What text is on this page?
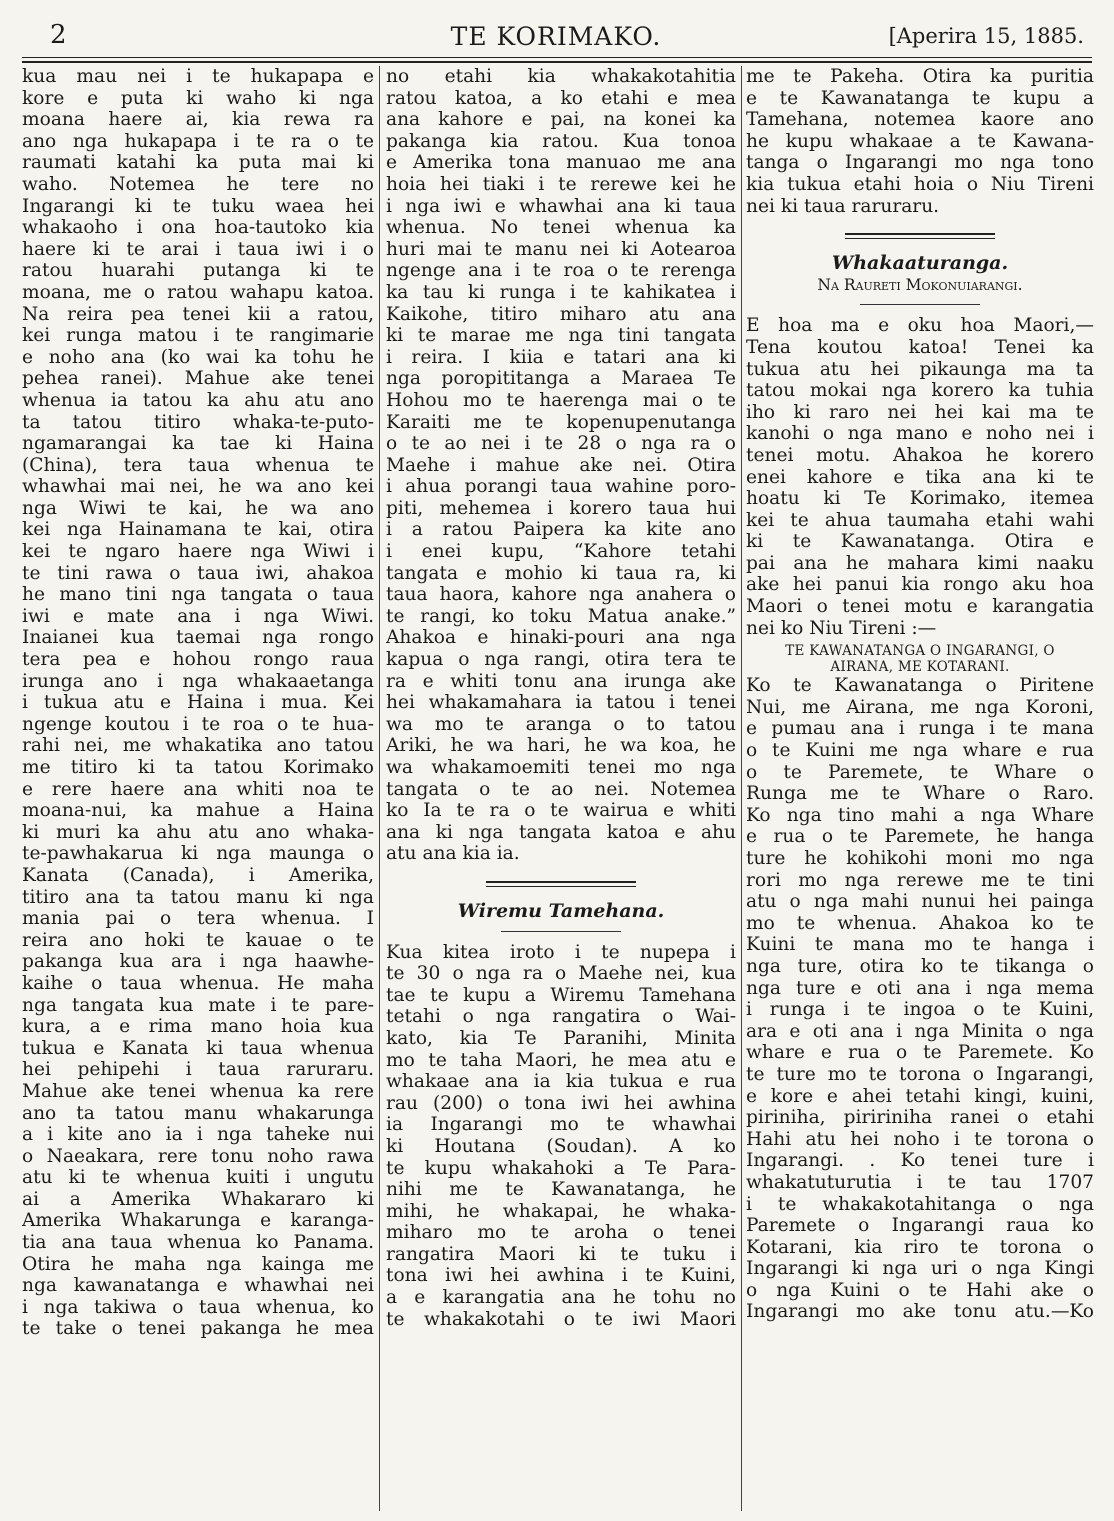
2	TE KORIMAKO.	[Aperira 15, 1885.
kua mau nei i te hukapapa e
kore e puta ki waho ki nga
moana haere ai, kia rewa ra
ano nga hukapapa i te ra o te
raumati katahi ka puta mai ki
waho. Notemea he tere no
Ingarangi ki te tuku waea hei
whakaoho i ona hoa-tautoko kia
haere ki te arai i taua iwi i o
ratou huarahi putanga ki te
moana, me o ratou wahapu katoa.
Na reira pea tenei kii a ratou,
kei runga matou i te rangimarie
e noho ana (ko wai ka tohu he
pehea ranei). Mahue ake tenei
whenua ia tatou ka ahu atu ano
ta tatou titiro whaka-te-puto-
ngamarangai ka tae ki Haina
(China), tera taua whenua te
whawhai mai nei, he wa ano kei
nga Wiwi te kai, he wa ano
kei nga Hainamana te kai, otira
kei te ngaro haere nga Wiwi i
te tini rawa o taua iwi, ahakoa
he mano tini nga tangata o taua
iwi e mate ana i nga Wiwi.
Inaianei kua taemai nga rongo
tera pea e hohou rongo raua
irunga ano i nga whakaaetanga
i tukua atu e Haina i mua. Kei
ngenge koutou i te roa o te hua-
rahi nei, me whakatika ano tatou
me titiro ki ta tatou Korimako
e rere haere ana whiti noa te
moana-nui, ka mahue a Haina
ki muri ka ahu atu ano whaka-
te-pawhakarua ki nga maunga o
Kanata (Canada), i Amerika,
titiro ana ta tatou manu ki nga
mania pai o tera whenua. I
reira ano hoki te kauae o te
pakanga kua ara i nga haawhe-
kaihe o taua whenua. He maha
nga tangata kua mate i te pare-
kura, a e rima mano hoia kua
tukua e Kanata ki taua whenua
hei pehipehi i taua raruraru.
Mahue ake tenei whenua ka rere
ano ta tatou manu whakarunga
a i kite ano ia i nga taheke nui
o Naeakara, rere tonu noho rawa
atu ki te whenua kuiti i ungutu
ai a Amerika Whakararo ki
Amerika Whakarunga e karanga-
tia ana taua whenua ko Panama.
Otira he maha nga kainga me
nga kawanatanga e whawhai nei
i nga takiwa o taua whenua, ko
te take o tenei pakanga he mea
no etahi kia whakakotahitia
ratou katoa, a ko etahi e mea
ana kahore e pai, na konei ka
pakanga kia ratou. Kua tonoa
e Amerika tona manuao me ana
hoia hei tiaki i te rerewe kei he
i nga iwi e whawhai ana ki taua
whenua. No tenei whenua ka
huri mai te manu nei ki Aotearoa
ngenge ana i te roa o te rerenga
ka tau ki runga i te kahikatea i
Kaikohe, titiro miharo atu ana
ki te marae me nga tini tangata
i reira. I kiia e tatari ana ki
nga poropititanga a Maraea Te
Hohou mo te haerenga mai o te
Karaiti me te kopenupenutanga
o te ao nei i te 28 o nga ra o
Maehe i mahue ake nei. Otira
i ahua porangi taua wahine poro-
piti, mehemea i korero taua hui
i a ratou Paipera ka kite ano
i enei kupu, “Kahore tetahi
tangata e mohio ki taua ra, ki
taua haora, kahore nga anahera o
te rangi, ko toku Matua anake.”
Ahakoa e hinaki-pouri ana nga
kapua o nga rangi, otira tera te
ra e whiti tonu ana irunga ake
hei whakamahara ia tatou i tenei
wa mo te aranga o to tatou
Ariki, he wa hari, he wa koa, he
wa whakamoemiti tenei mo nga
tangata o te ao nei. Notemea
ko Ia te ra o te wairua e whiti
ana ki nga tangata katoa e ahu
atu ana kia ia.
Wiremu Tamehana.
Kua kitea iroto i te nupepa i
te 30 o nga ra o Maehe nei, kua
tae te kupu a Wiremu Tamehana
tetahi o nga rangatira o Wai-
kato, kia Te Paranihi, Minita
mo te taha Maori, he mea atu e
whakaae ana ia kia tukua e rua
rau (200) o tona iwi hei awhina
ia Ingarangi mo te whawhai
ki Houtana (Soudan). A ko
te kupu whakahoki a Te Para-
nihi me te Kawanatanga, he
mihi, he whakapai, he whaka-
miharo mo te aroha o tenei
rangatira Maori ki te tuku i
tona iwi hei awhina i te Kuini,
a e karangatia ana he tohu no
te whakakotahi o te iwi Maori
me te Pakeha. Otira ka puritia
e te Kawanatanga te kupu a
Tamehana, notemea kaore ano
he kupu whakaae a te Kawana-
tanga o Ingarangi mo nga tono
kia tukua etahi hoia o Niu Tireni
nei ki taua raruraru.
Whakaaturanga.
Na Raureti Mokonuiarangi.
E hoa ma e oku hoa Maori,—
Tena koutou katoa! Tenei ka
tukua atu hei pikaunga ma ta
tatou mokai nga korero ka tuhia
iho ki raro nei hei kai ma te
kanohi o nga mano e noho nei i
tenei motu. Ahakoa he korero
enei kahore e tika ana ki te
hoatu ki Te Korimako, itemea
kei te ahua taumaha etahi wahi
ki te Kawanatanga. Otira e
pai ana he mahara kimi naaku
ake hei panui kia rongo aku hoa
Maori o tenei motu e karangatia
nei ko Niu Tireni :—
TE KAWANATANGA O INGARANGI, O
AIRANA, ME KOTARANI.
Ko te Kawanatanga o Piritene
Nui, me Airana, me nga Koroni,
e pumau ana i runga i te mana
o te Kuini me nga whare e rua
o te Paremete, te Whare o
Runga me te Whare o Raro.
Ko nga tino mahi a nga Whare
e rua o te Paremete, he hanga
ture he kohikohi moni mo nga
rori mo nga rerewe me te tini
atu o nga mahi nunui hei painga
mo te whenua. Ahakoa ko te
Kuini te mana mo te hanga i
nga ture, otira ko te tikanga o
nga ture e oti ana i nga mema
i runga i te ingoa o te Kuini,
ara e oti ana i nga Minita o nga
whare e rua o te Paremete. Ko
te ture mo te torona o Ingarangi,
e kore e ahei tetahi kingi, kuini,
piriniha, piririniha ranei o etahi
Hahi atu hei noho i te torona o
Ingarangi. . Ko tenei ture i
whakatuturutia i te tau 1707
i te whakakotahitanga o nga
Paremete o Ingarangi raua ko
Kotarani, kia riro te torona o
Ingarangi ki nga uri o nga Kingi
o nga Kuini o te Hahi ake o
Ingarangi mo ake tonu atu.—Ko
